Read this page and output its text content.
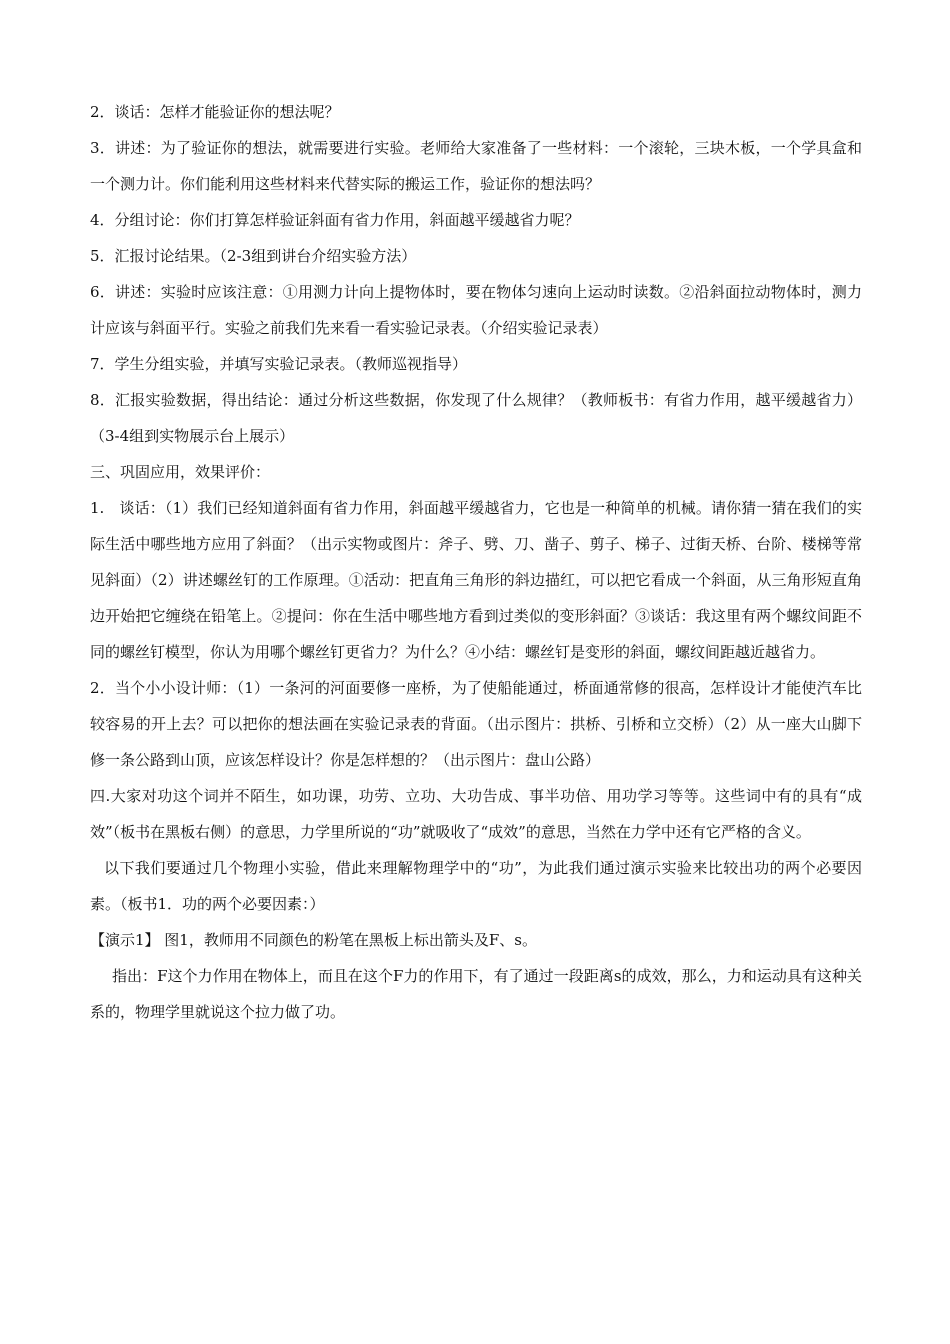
2．谈话：怎样才能验证你的想法呢？

3．讲述：为了验证你的想法，就需要进行实验。老师给大家准备了一些材料：一个滚轮，三块木板，一个学具盒和一个测力计。你们能利用这些材料来代替实际的搬运工作，验证你的想法吗？

4．分组讨论：你们打算怎样验证斜面有省力作用，斜面越平缓越省力呢？

5．汇报讨论结果。（2-3组到讲台介绍实验方法）

6．讲述：实验时应该注意：①用测力计向上提物体时，要在物体匀速向上运动时读数。②沿斜面拉动物体时，测力计应该与斜面平行。实验之前我们先来看一看实验记录表。（介绍实验记录表）

7．学生分组实验，并填写实验记录表。（教师巡视指导）

8．汇报实验数据，得出结论：通过分析这些数据，你发现了什么规律？（教师板书：有省力作用，越平缓越省力）（3-4组到实物展示台上展示）

三、巩固应用，效果评价：

1.　谈话：（1）我们已经知道斜面有省力作用，斜面越平缓越省力，它也是一种简单的机械。请你猜一猜在我们的实际生活中哪些地方应用了斜面？（出示实物或图片：斧子、劈、刀、凿子、剪子、梯子、过街天桥、台阶、楼梯等常见斜面）（2）讲述螺丝钉的工作原理。①活动：把直角三角形的斜边描红，可以把它看成一个斜面，从三角形短直角边开始把它缠绕在铅笔上。②提问：你在生活中哪些地方看到过类似的变形斜面？③谈话：我这里有两个螺纹间距不同的螺丝钉模型，你认为用哪个螺丝钉更省力？为什么？④小结：螺丝钉是变形的斜面，螺纹间距越近越省力。

2．当个小小设计师：（1）一条河的河面要修一座桥，为了使船能通过，桥面通常修的很高，怎样设计才能使汽车比较容易的开上去？可以把你的想法画在实验记录表的背面。（出示图片：拱桥、引桥和立交桥）（2）从一座大山脚下修一条公路到山顶，应该怎样设计？你是怎样想的？（出示图片：盘山公路）

四.大家对功这个词并不陌生，如功课，功劳、立功、大功告成、事半功倍、用功学习等等。这些词中有的具有“成效”（板书在黑板右侧）的意思，力学里所说的“功”就吸收了“成效”的意思，当然在力学中还有它严格的含义。

以下我们要通过几个物理小实验，借此来理解物理学中的“功”，为此我们通过演示实验来比较出功的两个必要因素。（板书1．功的两个必要因素：）

【演示1】 图1，教师用不同颜色的粉笔在黑板上标出箭头及F、s。

指出：F这个力作用在物体上，而且在这个F力的作用下，有了通过一段距离s的成效，那么，力和运动具有这种关系的，物理学里就说这个拉力做了功。
